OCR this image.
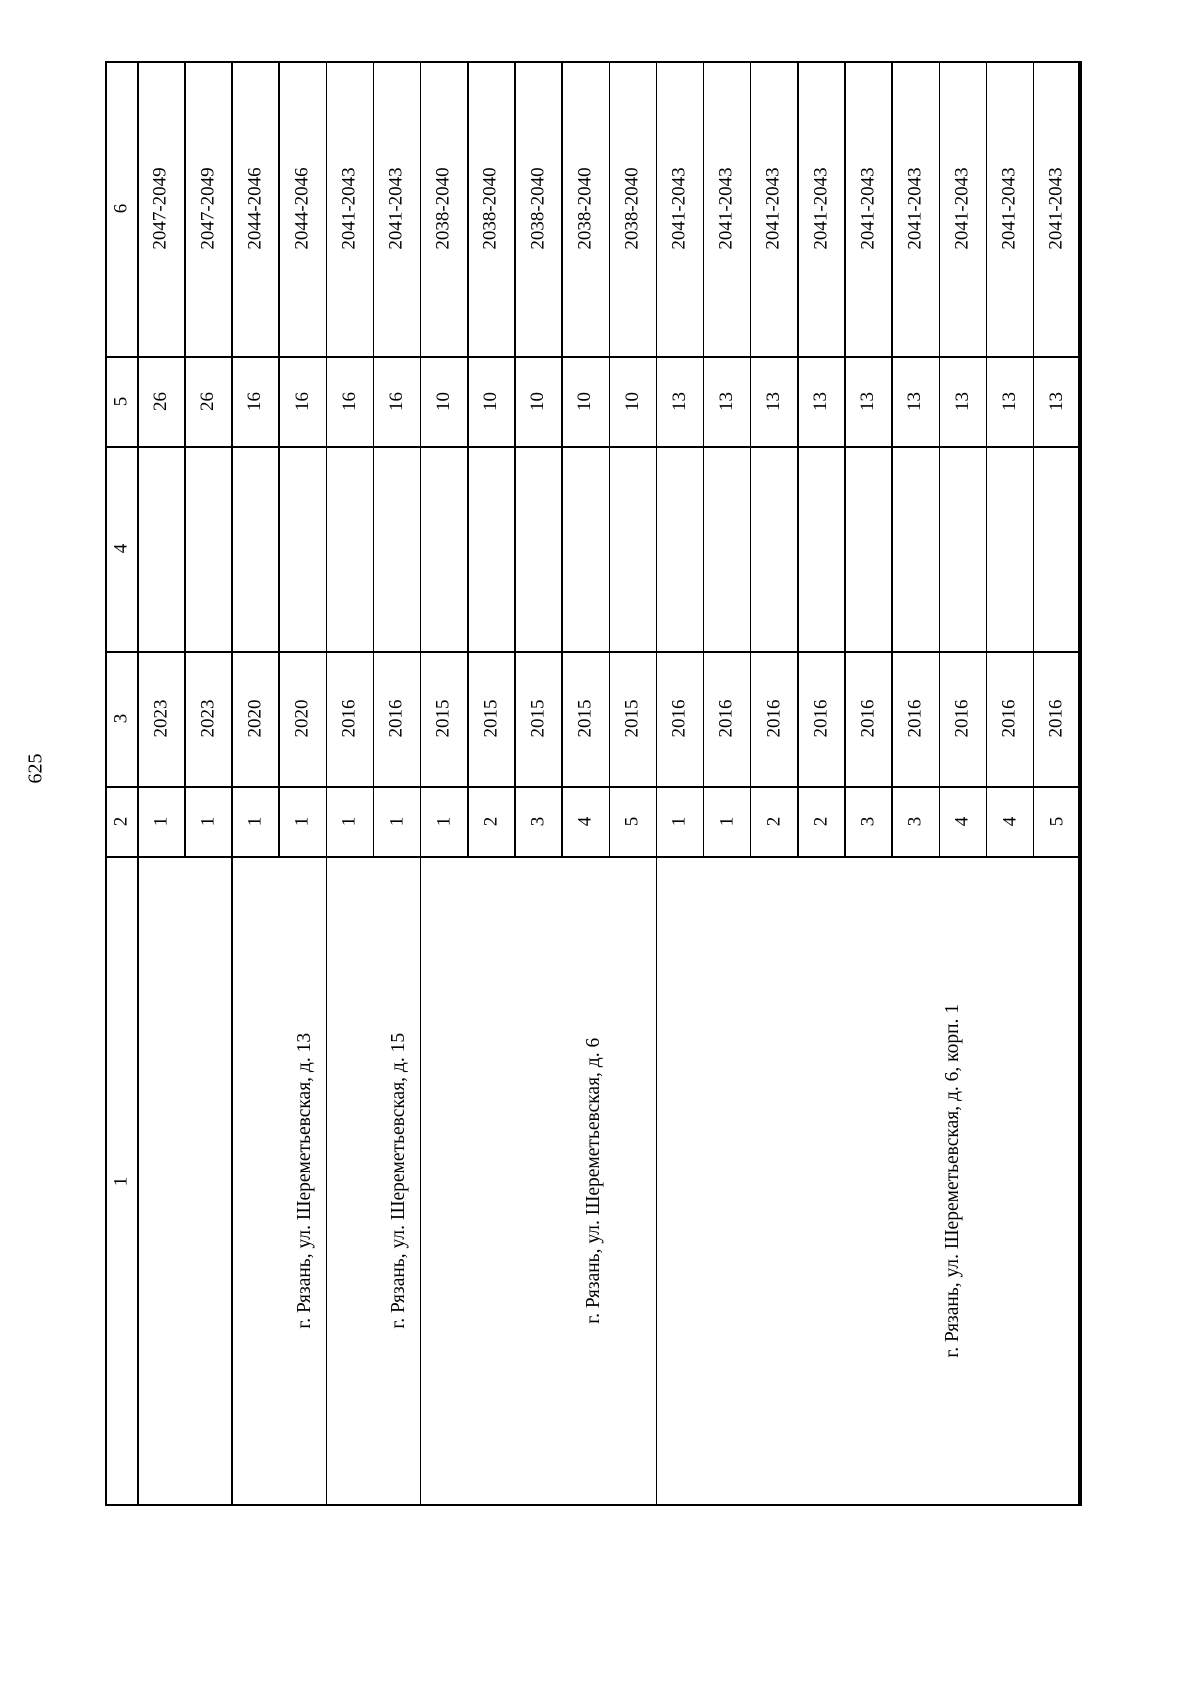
625
1
2
3
4
5
6
1
2023
26
2047-2049
1
2023
26
2047-2049
1
2020
16
2044-2046
1
2020
16
2044-2046
г. Рязань, ул. Шереметьевская, д. 13
1
2016
16
2041-2043
1
2016
16
2041-2043
г. Рязань, ул. Шереметьевская, д. 15
1
2015
10
2038-2040
2
2015
10
2038-2040
3
2015
10
2038-2040
4
2015
10
2038-2040
5
2015
10
2038-2040
г. Рязань, ул. Шереметьевская, д. 6
1
2016
13
2041-2043
1
2016
13
2041-2043
2
2016
13
2041-2043
2
2016
13
2041-2043
3
2016
13
2041-2043
3
2016
13
2041-2043
4
2016
13
2041-2043
4
2016
13
2041-2043
5
2016
13
2041-2043
г. Рязань, ул. Шереметьевская, д. 6, корп. 1
